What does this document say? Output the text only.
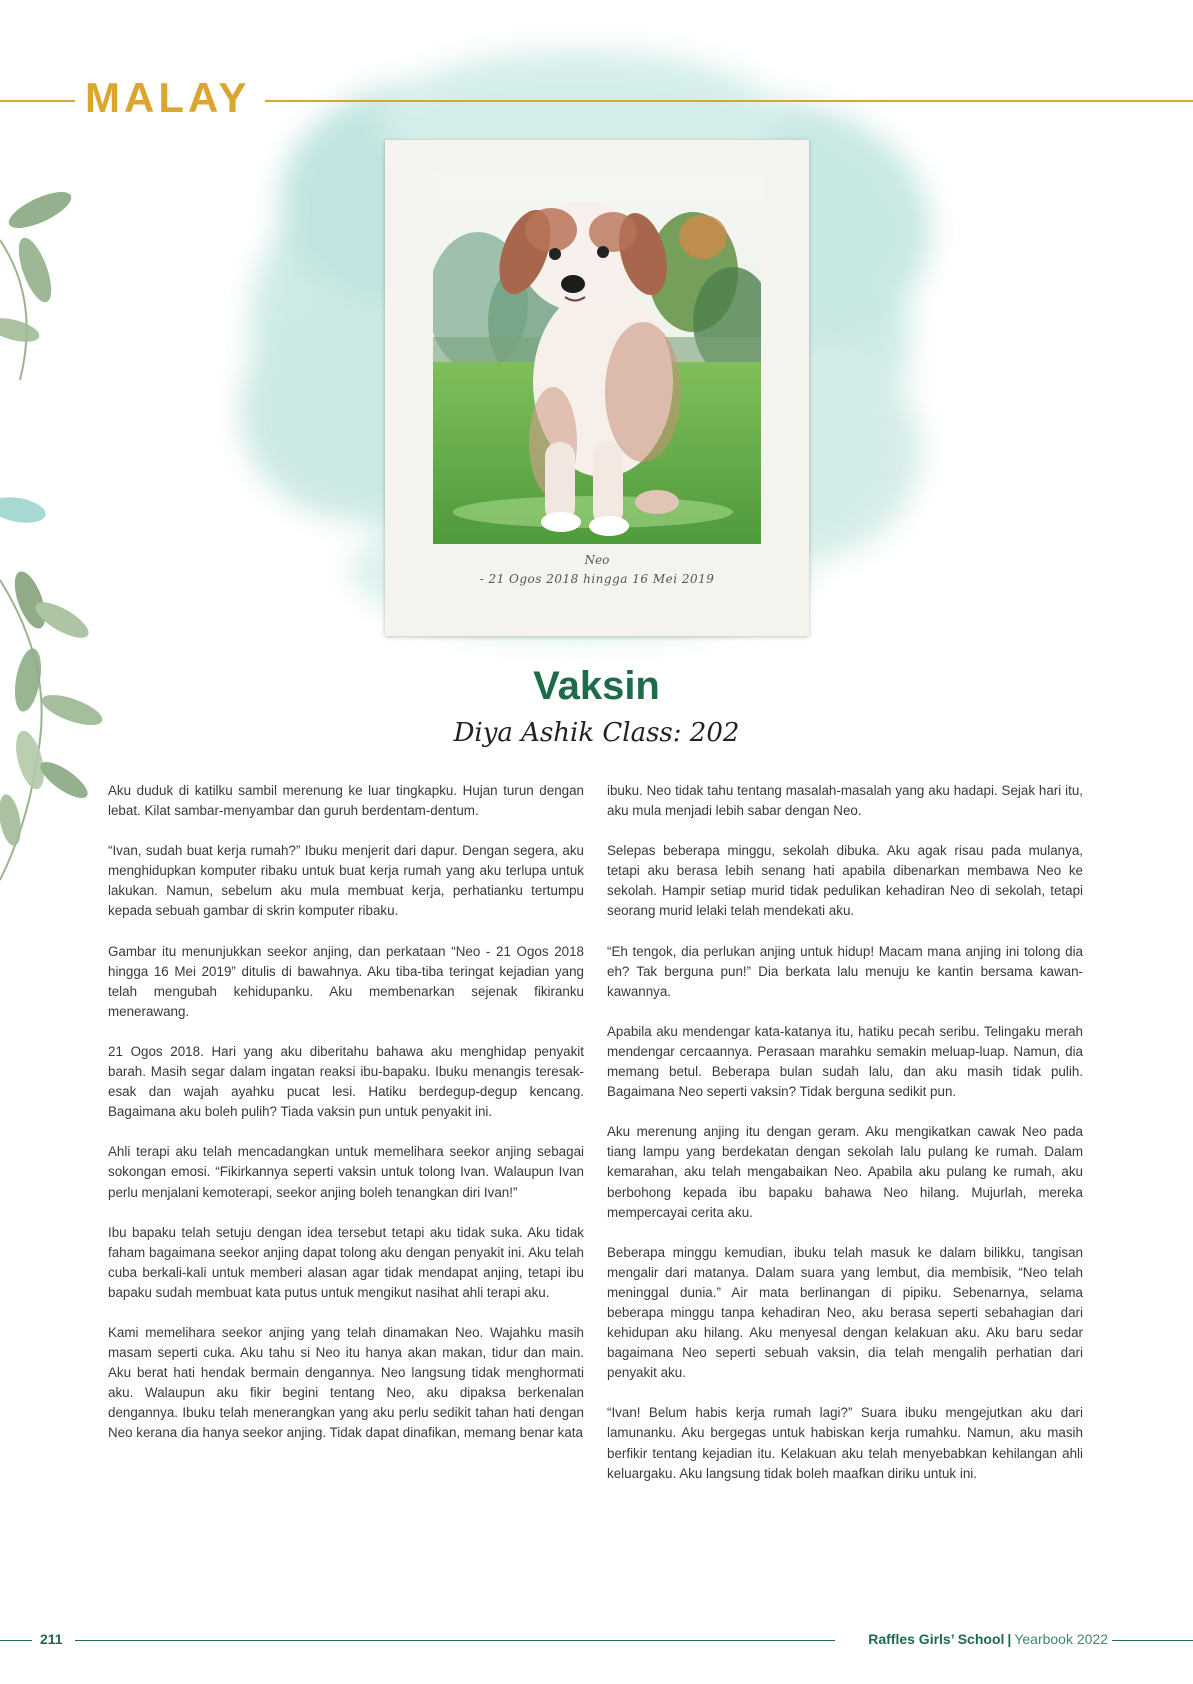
MALAY
Neo
- 21 Ogos 2018 hingga 16 Mei 2019
Vaksin
Diya Ashik Class: 202

Aku duduk di katilku sambil merenung ke luar tingkapku. Hujan turun dengan lebat. Kilat sambar-menyambar dan guruh berdentam-dentum.

“Ivan, sudah buat kerja rumah?” Ibuku menjerit dari dapur. Dengan segera, aku menghidupkan komputer ribaku untuk buat kerja rumah yang aku terlupa untuk lakukan. Namun, sebelum aku mula membuat kerja, perhatianku tertumpu kepada sebuah gambar di skrin komputer ribaku.

Gambar itu menunjukkan seekor anjing, dan perkataan “Neo - 21 Ogos 2018 hingga 16 Mei 2019” ditulis di bawahnya. Aku tiba-tiba teringat kejadian yang telah mengubah kehidupanku. Aku membenarkan sejenak fikiranku menerawang.

21 Ogos 2018. Hari yang aku diberitahu bahawa aku menghidap penyakit barah. Masih segar dalam ingatan reaksi ibu-bapaku. Ibuku menangis teresak-esak dan wajah ayahku pucat lesi. Hatiku berdegup-degup kencang. Bagaimana aku boleh pulih? Tiada vaksin pun untuk penyakit ini.

Ahli terapi aku telah mencadangkan untuk memelihara seekor anjing sebagai sokongan emosi. “Fikirkannya seperti vaksin untuk tolong Ivan. Walaupun Ivan perlu menjalani kemoterapi, seekor anjing boleh tenangkan diri Ivan!”

Ibu bapaku telah setuju dengan idea tersebut tetapi aku tidak suka. Aku tidak faham bagaimana seekor anjing dapat tolong aku dengan penyakit ini. Aku telah cuba berkali-kali untuk memberi alasan agar tidak mendapat anjing, tetapi ibu bapaku sudah membuat kata putus untuk mengikut nasihat ahli terapi aku.

Kami memelihara seekor anjing yang telah dinamakan Neo. Wajahku masih masam seperti cuka. Aku tahu si Neo itu hanya akan makan, tidur dan main. Aku berat hati hendak bermain dengannya. Neo langsung tidak menghormati aku. Walaupun aku fikir begini tentang Neo, aku dipaksa berkenalan dengannya. Ibuku telah menerangkan yang aku perlu sedikit tahan hati dengan Neo kerana dia hanya seekor anjing. Tidak dapat dinafikan, memang benar kata

ibuku. Neo tidak tahu tentang masalah-masalah yang aku hadapi. Sejak hari itu, aku mula menjadi lebih sabar dengan Neo.

Selepas beberapa minggu, sekolah dibuka. Aku agak risau pada mulanya, tetapi aku berasa lebih senang hati apabila dibenarkan membawa Neo ke sekolah. Hampir setiap murid tidak pedulikan kehadiran Neo di sekolah, tetapi seorang murid lelaki telah mendekati aku.

“Eh tengok, dia perlukan anjing untuk hidup! Macam mana anjing ini tolong dia eh? Tak berguna pun!” Dia berkata lalu menuju ke kantin bersama kawan-kawannya.

Apabila aku mendengar kata-katanya itu, hatiku pecah seribu. Telingaku merah mendengar cercaannya. Perasaan marahku semakin meluap-luap. Namun, dia memang betul. Beberapa bulan sudah lalu, dan aku masih tidak pulih. Bagaimana Neo seperti vaksin? Tidak berguna sedikit pun.

Aku merenung anjing itu dengan geram. Aku mengikatkan cawak Neo pada tiang lampu yang berdekatan dengan sekolah lalu pulang ke rumah. Dalam kemarahan, aku telah mengabaikan Neo. Apabila aku pulang ke rumah, aku berbohong kepada ibu bapaku bahawa Neo hilang. Mujurlah, mereka mempercayai cerita aku.

Beberapa minggu kemudian, ibuku telah masuk ke dalam bilikku, tangisan mengalir dari matanya. Dalam suara yang lembut, dia membisik, “Neo telah meninggal dunia.” Air mata berlinangan di pipiku. Sebenarnya, selama beberapa minggu tanpa kehadiran Neo, aku berasa seperti sebahagian dari kehidupan aku hilang. Aku menyesal dengan kelakuan aku. Aku baru sedar bagaimana Neo seperti sebuah vaksin, dia telah mengalih perhatian dari penyakit aku.

“Ivan! Belum habis kerja rumah lagi?” Suara ibuku mengejutkan aku dari lamunanku. Aku bergegas untuk habiskan kerja rumahku. Namun, aku masih berfikir tentang kejadian itu. Kelakuan aku telah menyebabkan kehilangan ahli keluargaku. Aku langsung tidak boleh maafkan diriku untuk ini.

211	Raffles Girls’ School | Yearbook 2022
